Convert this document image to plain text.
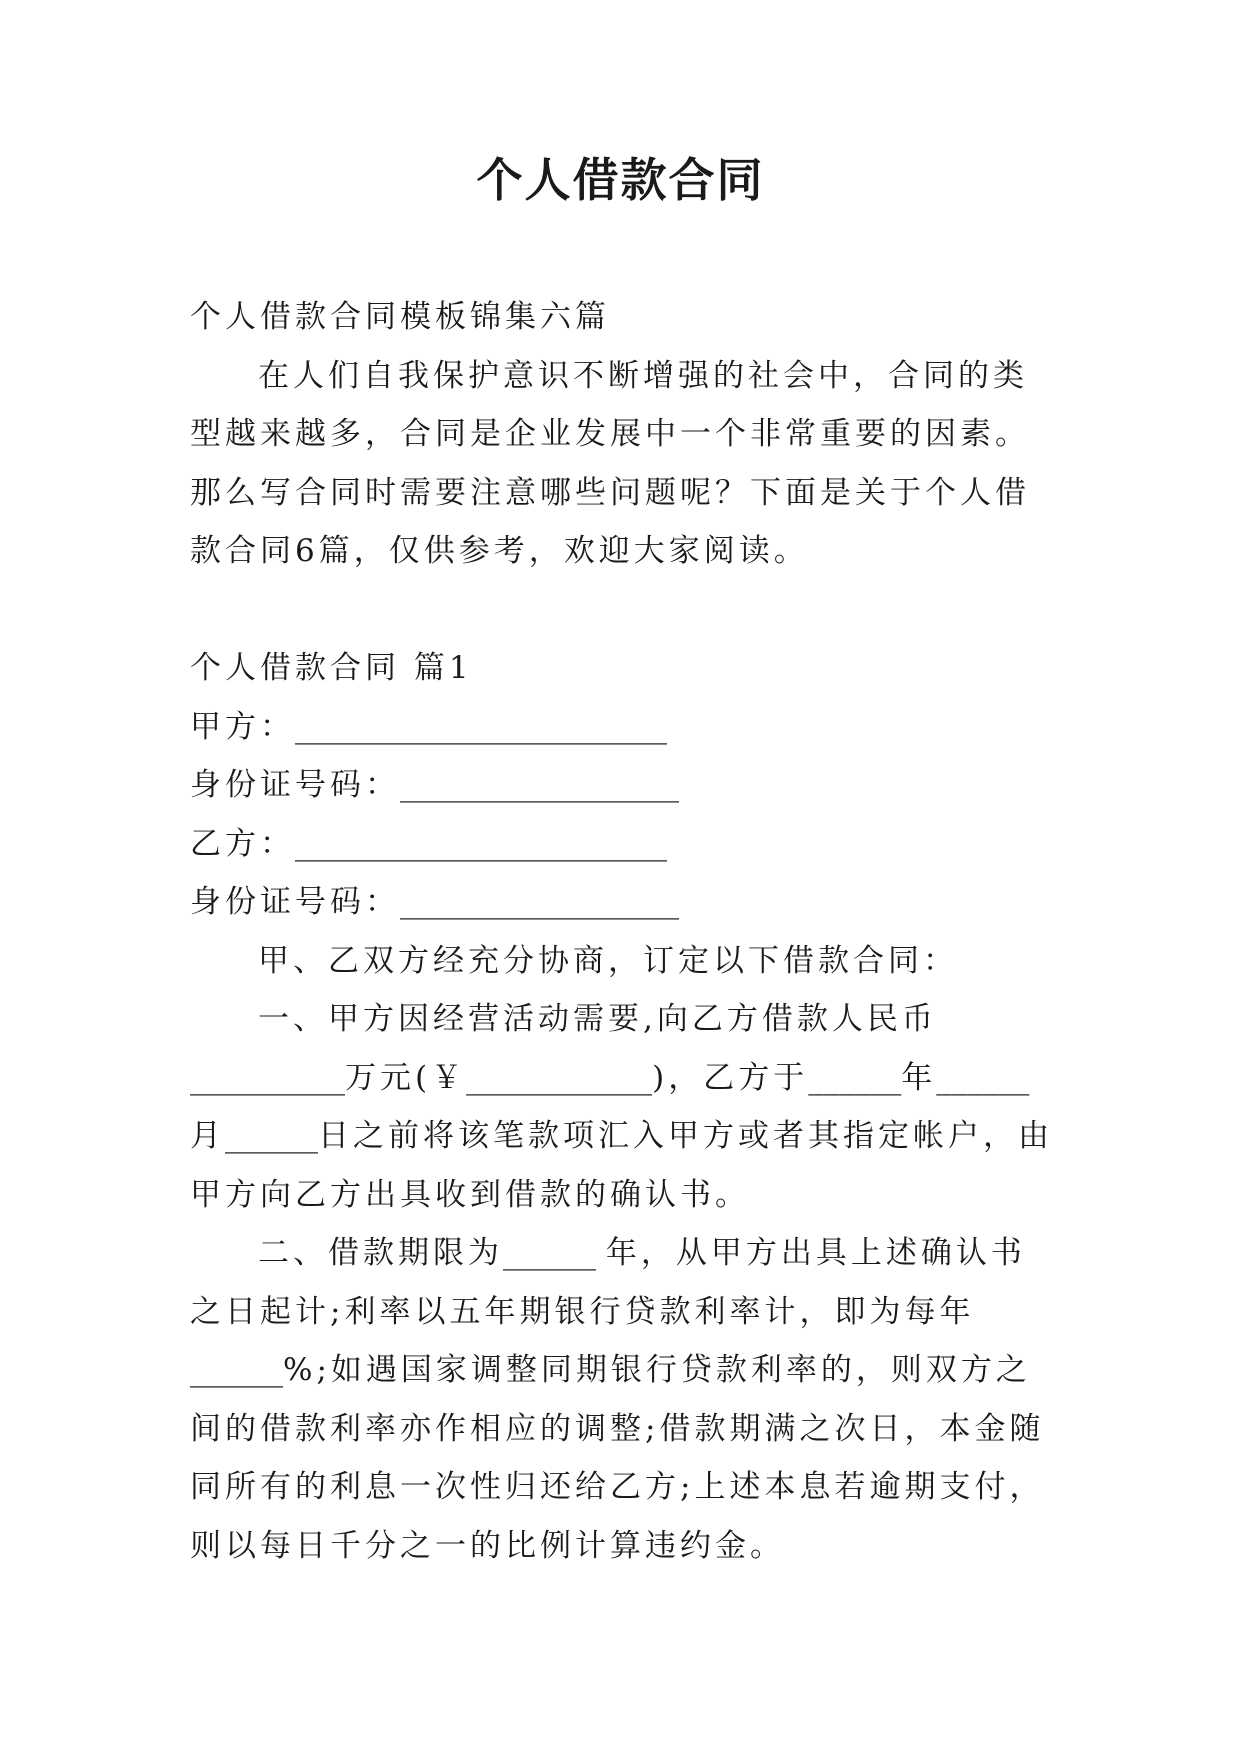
个人借款合同

个人借款合同模板锦集六篇

在人们自我保护意识不断增强的社会中，合同的类型越来越多，合同是企业发展中一个非常重要的因素。那么写合同时需要注意哪些问题呢？下面是关于个人借款合同6篇，仅供参考，欢迎大家阅读。

个人借款合同 篇1

甲方：________________________

身份证号码：__________________

乙方：________________________

身份证号码：__________________

甲、乙双方经充分协商，订定以下借款合同：

一、甲方因经营活动需要,向乙方借款人民币__________万元(￥____________)，乙方于______年______月______日之前将该笔款项汇入甲方或者其指定帐户，由甲方向乙方出具收到借款的确认书。

二、借款期限为______ 年，从甲方出具上述确认书之日起计;利率以五年期银行贷款利率计，即为每年______%;如遇国家调整同期银行贷款利率的，则双方之间的借款利率亦作相应的调整;借款期满之次日，本金随同所有的利息一次性归还给乙方;上述本息若逾期支付，则以每日千分之一的比例计算违约金。
